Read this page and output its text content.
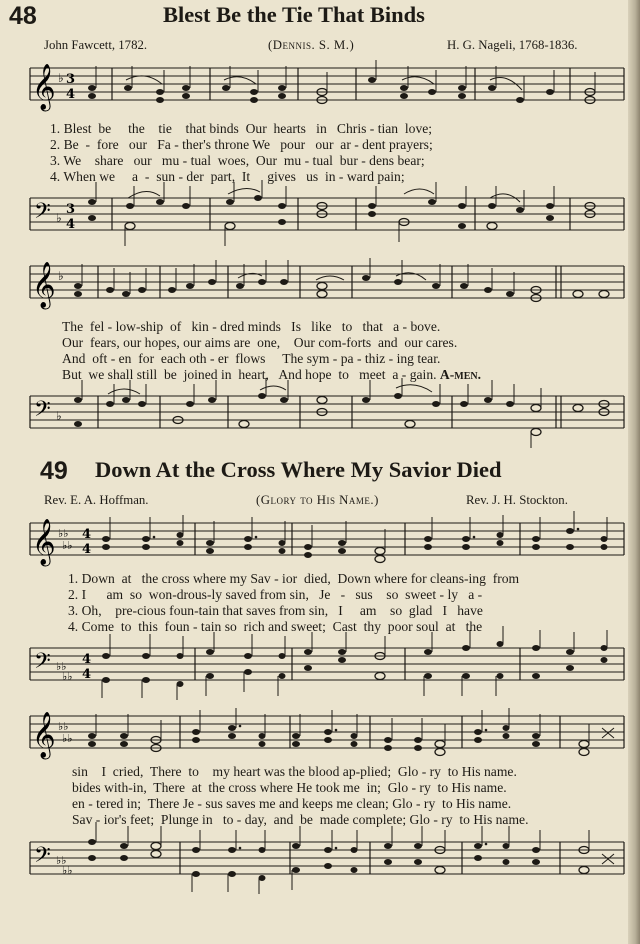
48	Blest Be the Tie That Binds
John Fawcett, 1782.	(Dennis. S. M.)	H. G. Nageli, 1768-1836.
𝄞 ♭ 3
4
1. Blest  be     the    tie    that binds  Our  hearts   in   Chris - tian  love;
2. Be  -  fore   our   Fa - ther's throne We   pour   our  ar - dent prayers;
3. We    share   our   mu - tual  woes,  Our  mu - tual  bur - dens bear;
4. When we     a  -  sun - der  part,  It     gives   us  in - ward pain;
𝄢 ♭
3
4
𝄞 ♭
The  fel - low-ship  of   kin - dred minds   Is   like   to   that   a - bove.
Our  fears, our hopes, our aims are  one,    Our com-forts  and  our cares.
And  oft - en  for  each oth - er  flows     The sym - pa - thiz - ing tear.
But  we shall still  be  joined in  heart,   And hope  to   meet  a - gain. A-men.
𝄢 ♭
49 Down At the Cross Where My Savior Died
Rev. E. A. Hoffman.	(Glory to His Name.)	Rev. J. H. Stockton.
𝄞 ♭♭
♭♭
4
4
1. Down  at   the cross where my Sav - ior  died,  Down where for cleans-ing  from
2. I      am  so  won-drous-ly saved from sin,   Je   -   sus    so  sweet - ly   a -
3. Oh,    pre-cious foun-tain that saves from sin,   I     am    so  glad   I   have
4. Come  to  this  foun - tain so  rich and sweet;  Cast  thy  poor soul  at   the
𝄢 ♭♭
♭♭
4
4
𝄞 ♭♭
♭♭
sin    I  cried,  There  to    my heart was the blood ap-plied;  Glo - ry  to His name.
bides with-in,  There  at  the cross where He took me  in;  Glo - ry  to His name.
en - tered in;  There Je - sus saves me and keeps me clean; Glo - ry  to His name.
Sav - ior's feet;  Plunge in   to - day,  and  be  made complete; Glo - ry  to His name.
𝄢 ♭♭
♭♭
